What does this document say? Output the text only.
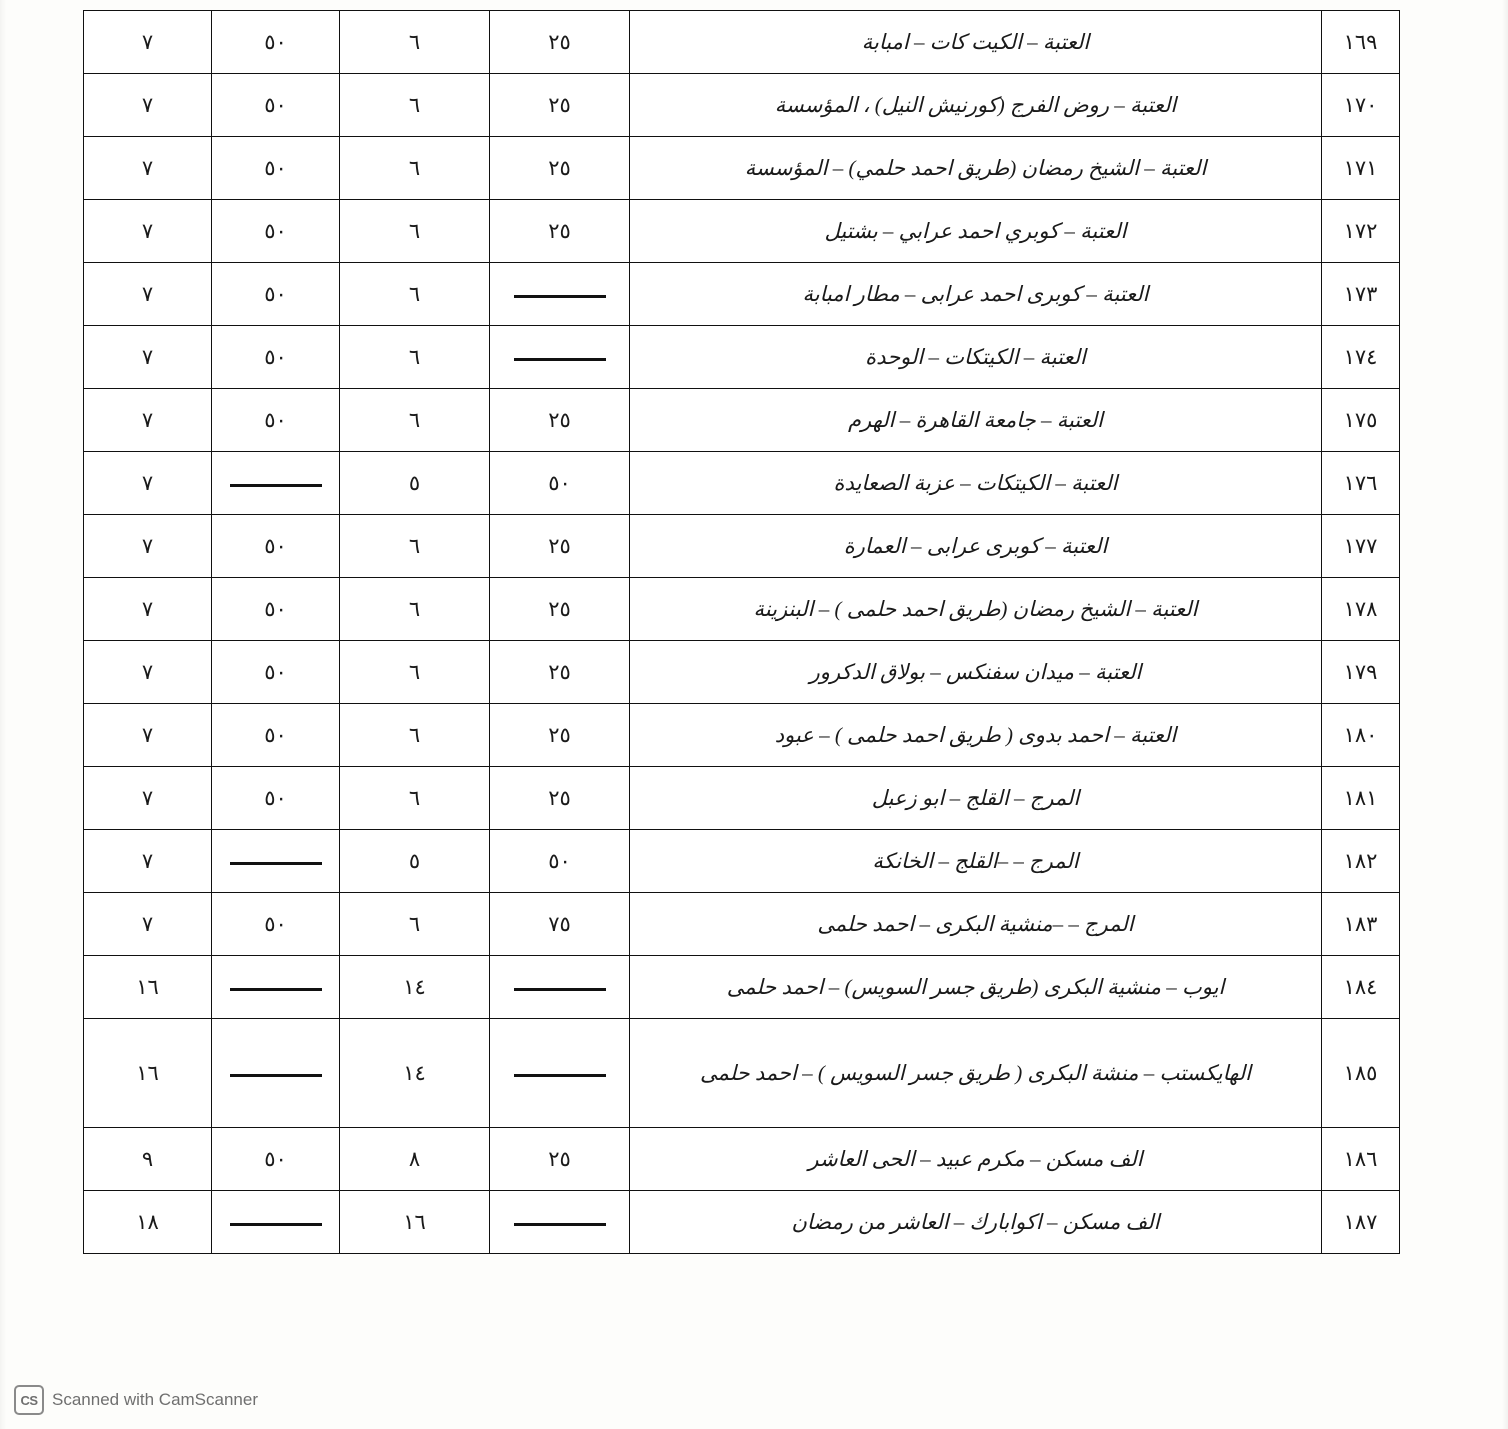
١٦٩	العتبة – الكيت كات – امبابة	٢٥	٦	٥٠	٧
١٧٠	العتبة – روض الفرج (كورنيش النيل) ، المؤسسة	٢٥	٦	٥٠	٧
١٧١	العتبة – الشيخ رمضان (طريق احمد حلمي) – المؤسسة	٢٥	٦	٥٠	٧
١٧٢	العتبة – كوبري احمد عرابي – بشتيل	٢٥	٦	٥٠	٧
١٧٣	العتبة – كوبرى احمد عرابى – مطار امبابة		٦	٥٠	٧
١٧٤	العتبة – الكيتكات – الوحدة		٦	٥٠	٧
١٧٥	العتبة – جامعة القاهرة – الهرم	٢٥	٦	٥٠	٧
١٧٦	العتبة – الكيتكات – عزبة الصعايدة	٥٠	٥		٧
١٧٧	العتبة – كوبرى عرابى – العمارة	٢٥	٦	٥٠	٧
١٧٨	العتبة – الشيخ رمضان (طريق احمد حلمى ) – البنزينة	٢٥	٦	٥٠	٧
١٧٩	العتبة – ميدان سفنكس – بولاق الدكرور	٢٥	٦	٥٠	٧
١٨٠	العتبة – احمد بدوى ( طريق احمد حلمى ) – عبود	٢٥	٦	٥٠	٧
١٨١	المرج – القلج – ابو زعبل	٢٥	٦	٥٠	٧
١٨٢	المرج – –القلج – الخانكة	٥٠	٥		٧
١٨٣	المرج – –منشية البكرى – احمد حلمى	٧٥	٦	٥٠	٧
١٨٤	ايوب – منشية البكرى (طريق جسر السويس) – احمد حلمى		١٤		١٦
١٨٥	الهايكستب – منشة البكرى ( طريق جسر السويس ) – احمد حلمى		١٤		١٦
١٨٦	الف مسكن – مكرم عبيد – الحى العاشر	٢٥	٨	٥٠	٩
١٨٧	الف مسكن – اكوابارك – العاشر من رمضان		١٦		١٨
CS Scanned with CamScanner
